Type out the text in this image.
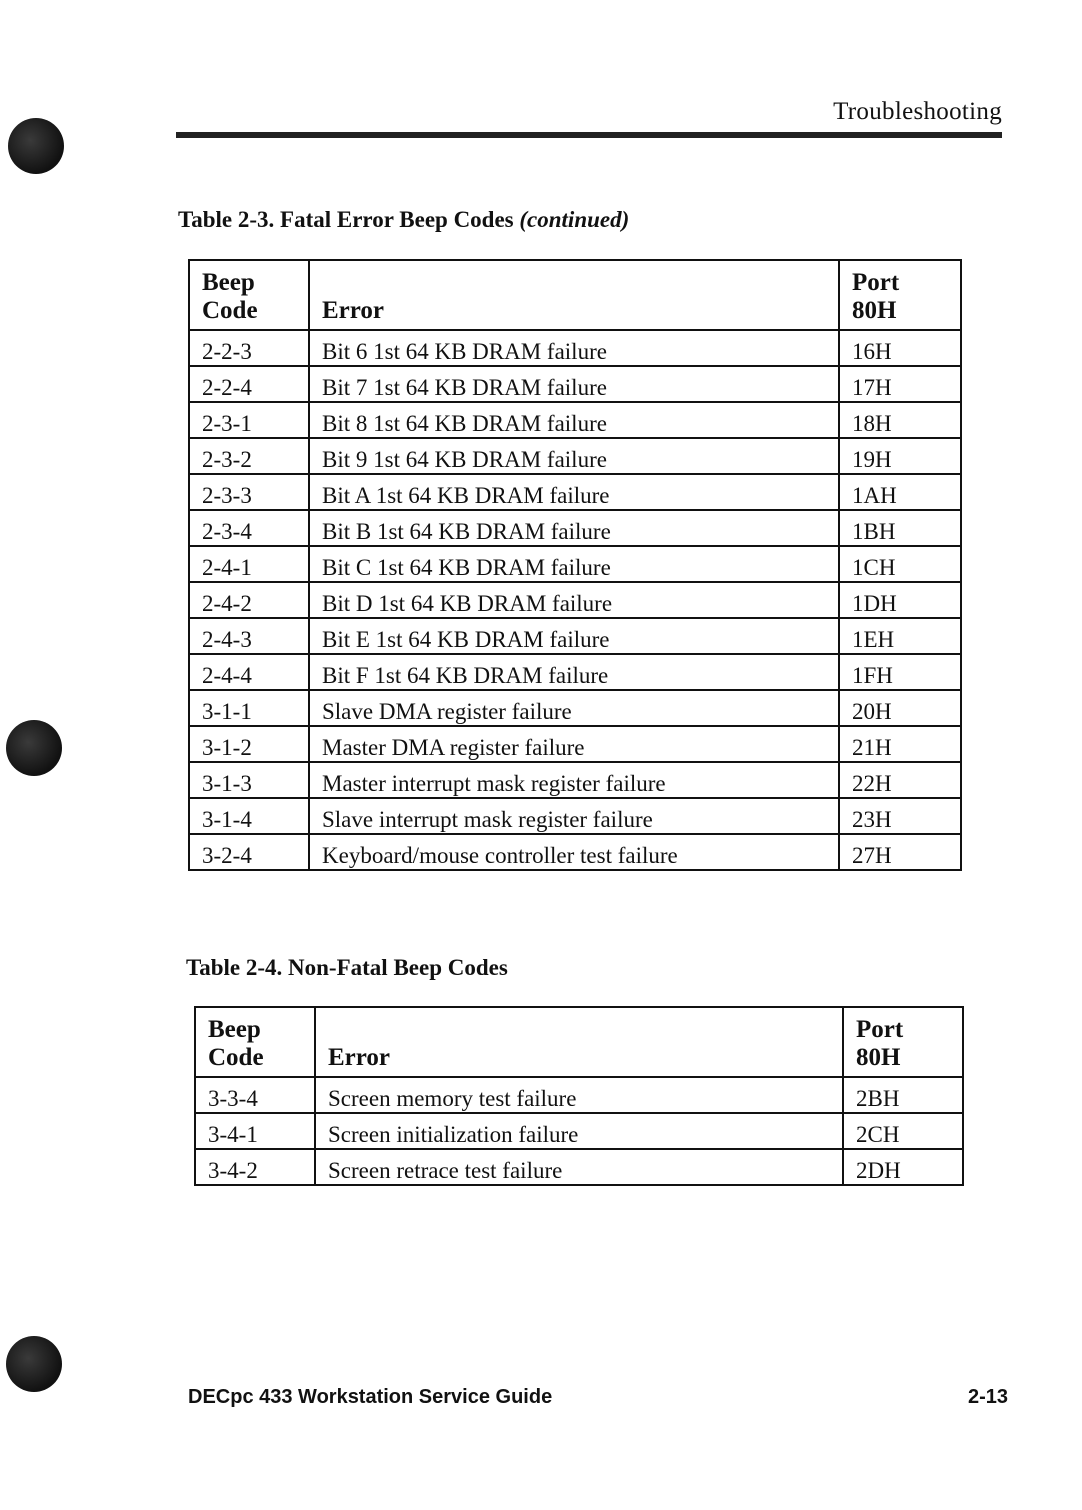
Troubleshooting
Table 2-3. Fatal Error Beep Codes (continued)
Beep
Code	Error	Port
80H
2-2-3	Bit 6 1st 64 KB DRAM failure	16H
2-2-4	Bit 7 1st 64 KB DRAM failure	17H
2-3-1	Bit 8 1st 64 KB DRAM failure	18H
2-3-2	Bit 9 1st 64 KB DRAM failure	19H
2-3-3	Bit A 1st 64 KB DRAM failure	1AH
2-3-4	Bit B 1st 64 KB DRAM failure	1BH
2-4-1	Bit C 1st 64 KB DRAM failure	1CH
2-4-2	Bit D 1st 64 KB DRAM failure	1DH
2-4-3	Bit E 1st 64 KB DRAM failure	1EH
2-4-4	Bit F 1st 64 KB DRAM failure	1FH
3-1-1	Slave DMA register failure	20H
3-1-2	Master DMA register failure	21H
3-1-3	Master interrupt mask register failure	22H
3-1-4	Slave interrupt mask register failure	23H
3-2-4	Keyboard/mouse controller test failure	27H
Table 2-4. Non-Fatal Beep Codes
Beep
Code	Error	Port
80H
3-3-4	Screen memory test failure	2BH
3-4-1	Screen initialization failure	2CH
3-4-2	Screen retrace test failure	2DH
DECpc 433 Workstation Service Guide	2-13
